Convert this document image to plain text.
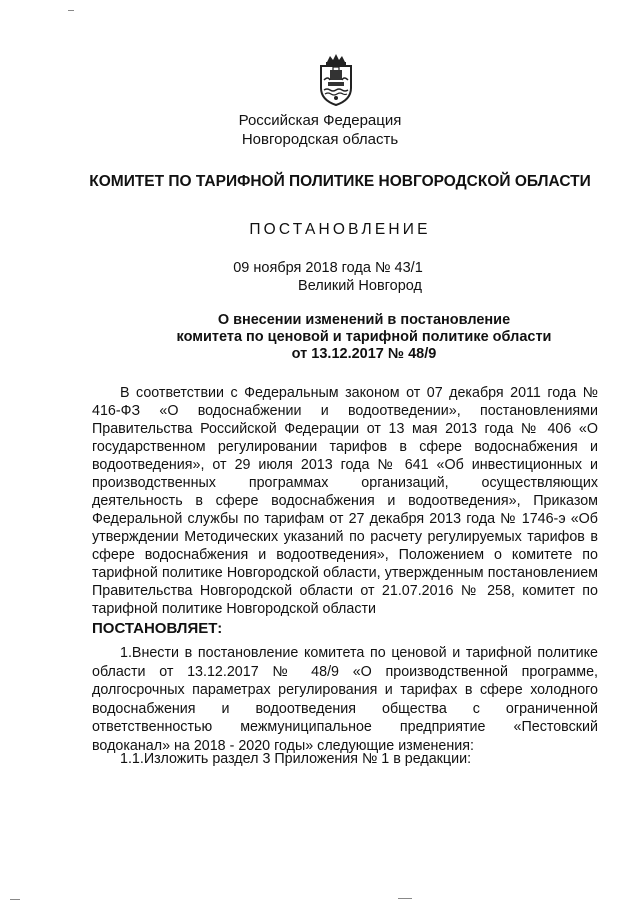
Российская Федерация
Новгородская область
КОМИТЕТ ПО ТАРИФНОЙ ПОЛИТИКЕ НОВГОРОДСКОЙ ОБЛАСТИ
ПОСТАНОВЛЕНИЕ
09 ноября 2018 года № 43/1
Великий Новгород
О внесении изменений в постановление
комитета по ценовой и тарифной политике области
от 13.12.2017 № 48/9
В соответствии с Федеральным законом от 07 декабря 2011 года № 416-ФЗ «О водоснабжении и водоотведении», постановлениями Правительства Российской Федерации от 13 мая 2013 года № 406 «О государственном регулировании тарифов в сфере водоснабжения и водоотведения», от 29 июля 2013 года № 641 «Об инвестиционных и производственных программах организаций, осуществляющих деятельность в сфере водоснабжения и водоотведения», Приказом Федеральной службы по тарифам от 27 декабря 2013 года № 1746-э «Об утверждении Методических указаний по расчету регулируемых тарифов в сфере водоснабжения и водоотведения», Положением о комитете по тарифной политике Новгородской области, утвержденным постановлением Правительства Новгородской области от 21.07.2016 № 258, комитет по тарифной политике Новгородской области
ПОСТАНОВЛЯЕТ:
1.Внести в постановление комитета по ценовой и тарифной политике области от 13.12.2017 № 48/9 «О производственной программе, долгосрочных параметрах регулирования и тарифах в сфере холодного водоснабжения и водоотведения общества с ограниченной ответственностью межмуниципальное предприятие «Пестовский водоканал» на 2018 - 2020 годы» следующие изменения:
1.1.Изложить раздел 3 Приложения № 1 в редакции:
